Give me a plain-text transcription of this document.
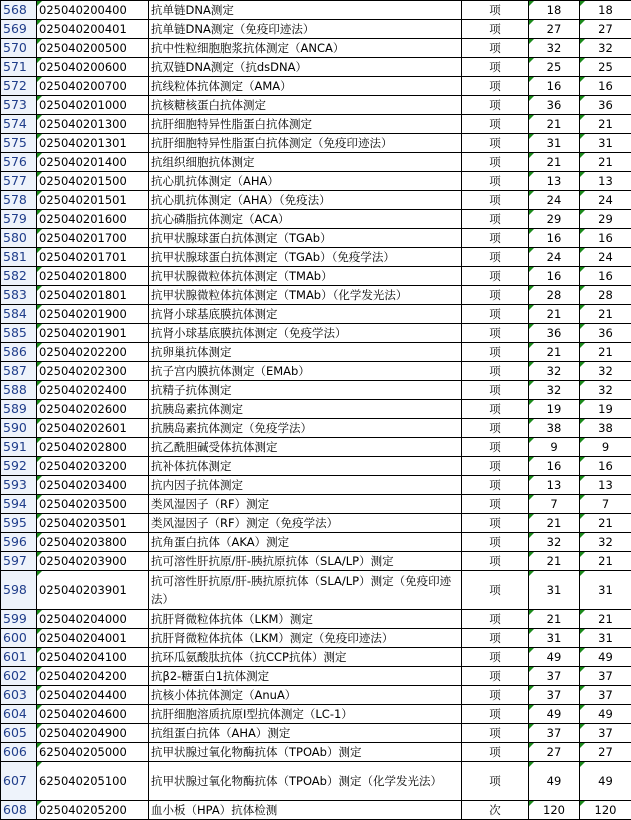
568	025040200400	抗单链DNA测定	项	18	18
569	025040200401	抗单链DNA测定（免疫印迹法）	项	27	27
570	025040200500	抗中性粒细胞胞浆抗体测定（ANCA）	项	32	32
571	025040200600	抗双链DNA测定（抗dsDNA）	项	25	25
572	025040200700	抗线粒体抗体测定（AMA）	项	16	16
573	025040201000	抗核糖核蛋白抗体测定	项	36	36
574	025040201300	抗肝细胞特异性脂蛋白抗体测定	项	21	21
575	025040201301	抗肝细胞特异性脂蛋白抗体测定（免疫印迹法）	项	31	31
576	025040201400	抗组织细胞抗体测定	项	21	21
577	025040201500	抗心肌抗体测定（AHA）	项	13	13
578	025040201501	抗心肌抗体测定（AHA）（免疫法）	项	24	24
579	025040201600	抗心磷脂抗体测定（ACA）	项	29	29
580	025040201700	抗甲状腺球蛋白抗体测定（TGAb）	项	16	16
581	025040201701	抗甲状腺球蛋白抗体测定（TGAb）（免疫学法）	项	24	24
582	025040201800	抗甲状腺微粒体抗体测定（TMAb）	项	16	16
583	025040201801	抗甲状腺微粒体抗体测定（TMAb）（化学发光法）	项	28	28
584	025040201900	抗肾小球基底膜抗体测定	项	21	21
585	025040201901	抗肾小球基底膜抗体测定（免疫学法）	项	36	36
586	025040202200	抗卵巢抗体测定	项	21	21
587	025040202300	抗子宫内膜抗体测定（EMAb）	项	32	32
588	025040202400	抗精子抗体测定	项	32	32
589	025040202600	抗胰岛素抗体测定	项	19	19
590	025040202601	抗胰岛素抗体测定（免疫学法）	项	38	38
591	025040202800	抗乙酰胆碱受体抗体测定	项	9	9
592	025040203200	抗补体抗体测定	项	16	16
593	025040203400	抗内因子抗体测定	项	13	13
594	025040203500	类风湿因子（RF）测定	项	7	7
595	025040203501	类风湿因子（RF）测定（免疫学法）	项	21	21
596	025040203800	抗角蛋白抗体（AKA）测定	项	32	32
597	025040203900	抗可溶性肝抗原/肝-胰抗原抗体（SLA/LP）测定	项	21	21
598	025040203901	抗可溶性肝抗原/肝-胰抗原抗体（SLA/LP）测定（免疫印迹法）	项	31	31
599	025040204000	抗肝肾微粒体抗体（LKM）测定	项	21	21
600	025040204001	抗肝肾微粒体抗体（LKM）测定（免疫印迹法）	项	31	31
601	025040204100	抗环瓜氨酸肽抗体（抗CCP抗体）测定	项	49	49
602	025040204200	抗β2-糖蛋白1抗体测定	项	37	37
603	025040204400	抗核小体抗体测定（AnuA）	项	37	37
604	025040204600	抗肝细胞溶质抗原I型抗体测定（LC-1）	项	49	49
605	025040204900	抗组蛋白抗体（AHA）测定	项	37	37
606	625040205000	抗甲状腺过氧化物酶抗体（TPOAb）测定	项	27	27
607	625040205100	抗甲状腺过氧化物酶抗体（TPOAb）测定（化学发光法）	项	49	49
608	025040205200	血小板（HPA）抗体检测	次	120	120
